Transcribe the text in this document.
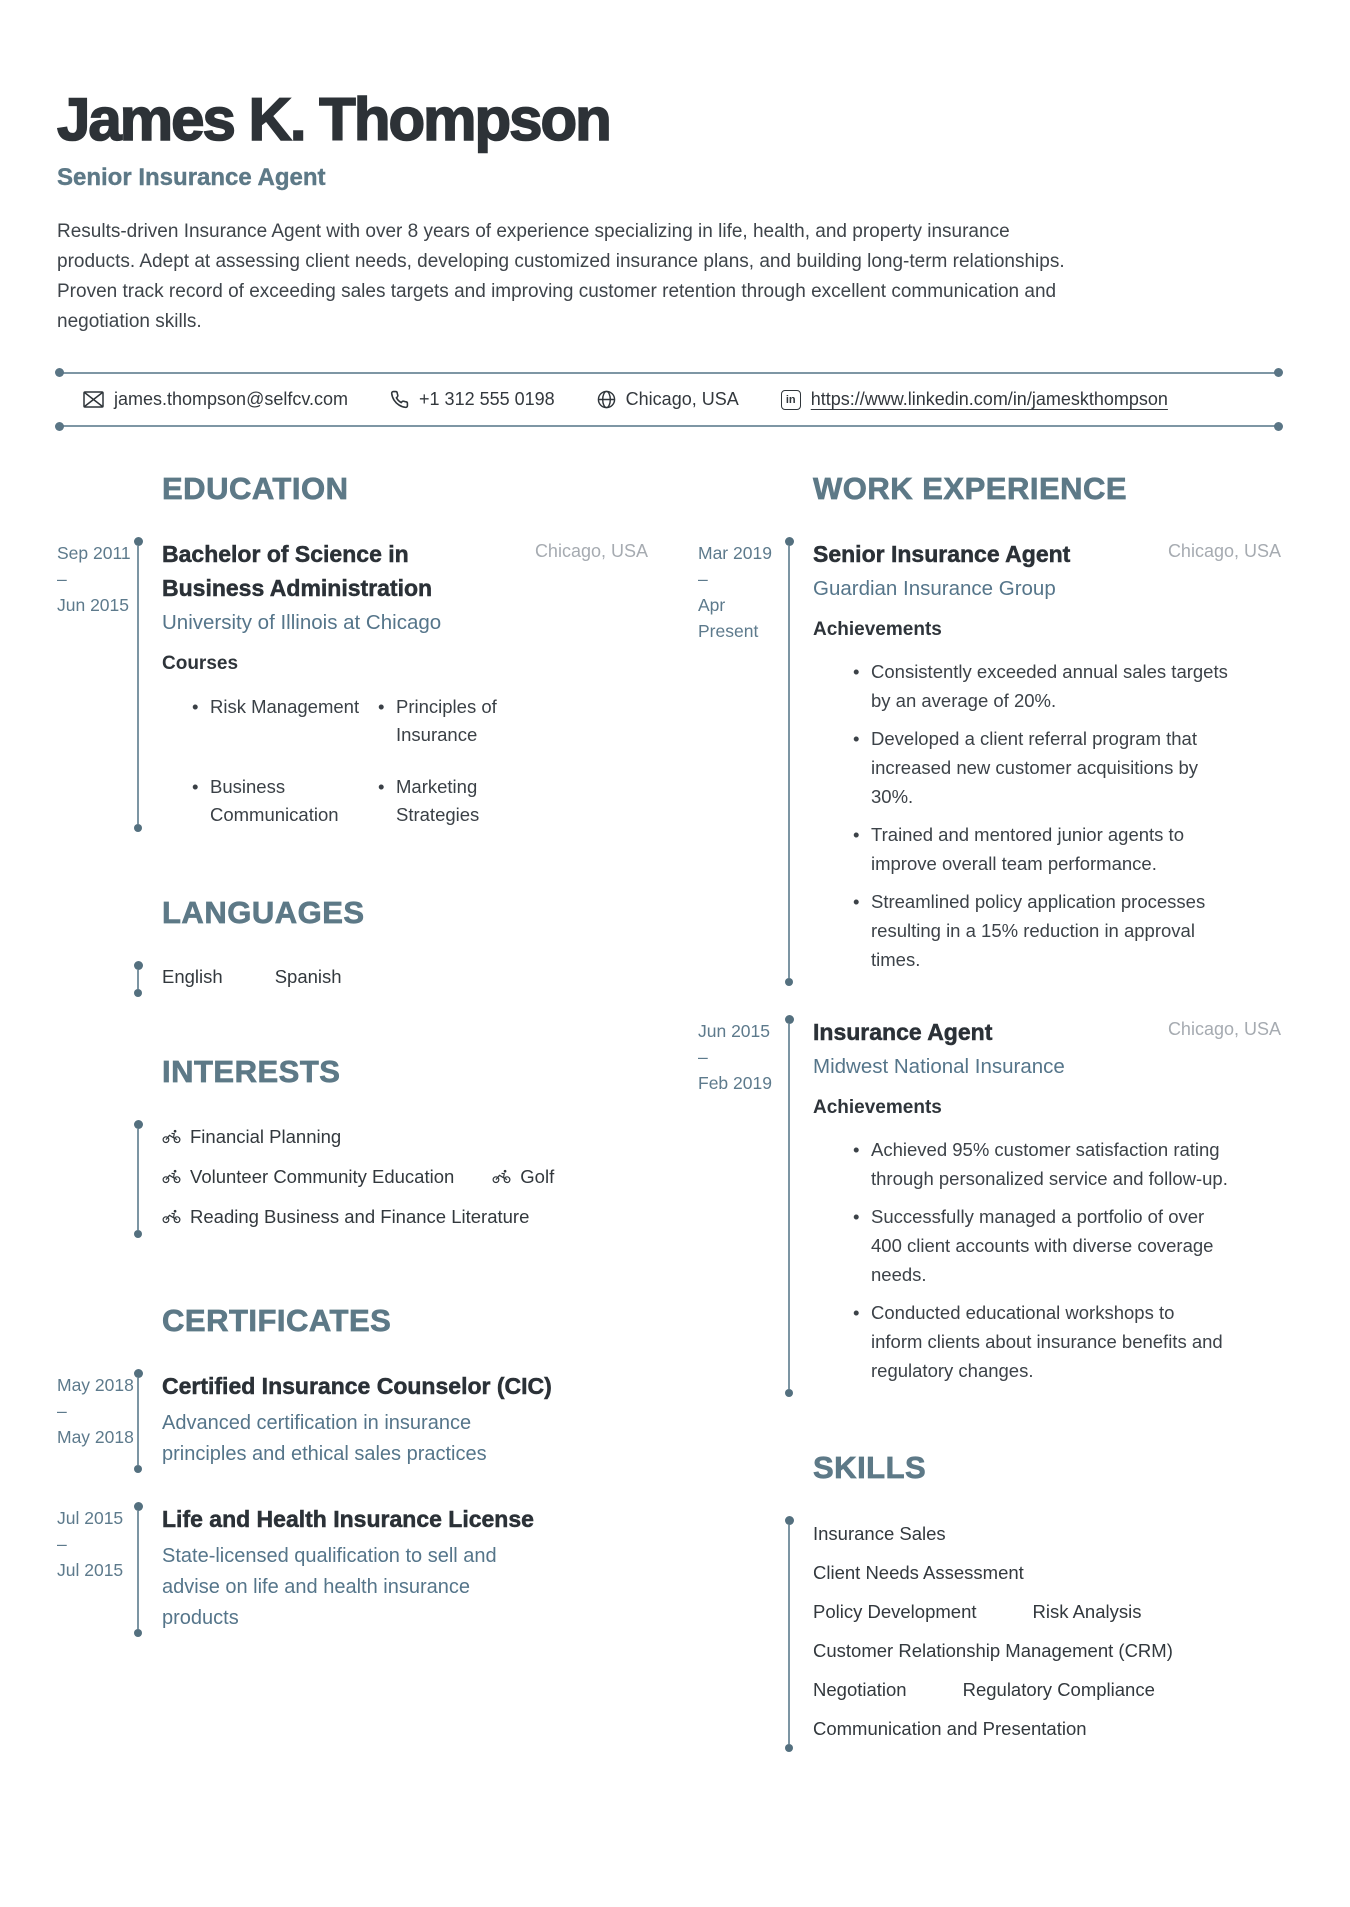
James K. Thompson
Senior Insurance Agent
Results-driven Insurance Agent with over 8 years of experience specializing in life, health, and property insurance products. Adept at assessing client needs, developing customized insurance plans, and building long-term relationships. Proven track record of exceeding sales targets and improving customer retention through excellent communication and negotiation skills.
james.thompson@selfcv.com	+1 312 555 0198	Chicago, USA	in https://www.linkedin.com/in/jameskthompson
EDUCATION
Sep 2011
–
Jun 2015
Bachelor of Science in Business Administration
Chicago, USA
University of Illinois at Chicago
Courses
• Risk Management	• Principles of Insurance
• Business Communication
• Marketing Strategies
LANGUAGES
English	Spanish
INTERESTS
Financial Planning
Volunteer Community Education	Golf
Reading Business and Finance Literature
CERTIFICATES
May 2018
–
May 2018
Certified Insurance Counselor (CIC)
Advanced certification in insurance principles and ethical sales practices
Jul 2015
–
Jul 2015
Life and Health Insurance License
State-licensed qualification to sell and advise on life and health insurance products
WORK EXPERIENCE
Mar 2019
–
Apr
Present
Senior Insurance Agent	Chicago, USA
Guardian Insurance Group
Achievements
• Consistently exceeded annual sales targets by an average of 20%.
• Developed a client referral program that increased new customer acquisitions by 30%.
• Trained and mentored junior agents to improve overall team performance.
• Streamlined policy application processes resulting in a 15% reduction in approval times.
Jun 2015
–
Feb 2019
Insurance Agent	Chicago, USA
Midwest National Insurance
Achievements
• Achieved 95% customer satisfaction rating through personalized service and follow-up.
• Successfully managed a portfolio of over 400 client accounts with diverse coverage needs.
• Conducted educational workshops to inform clients about insurance benefits and regulatory changes.
SKILLS
Insurance Sales
Client Needs Assessment
Policy Development	Risk Analysis
Customer Relationship Management (CRM)
Negotiation	Regulatory Compliance
Communication and Presentation
